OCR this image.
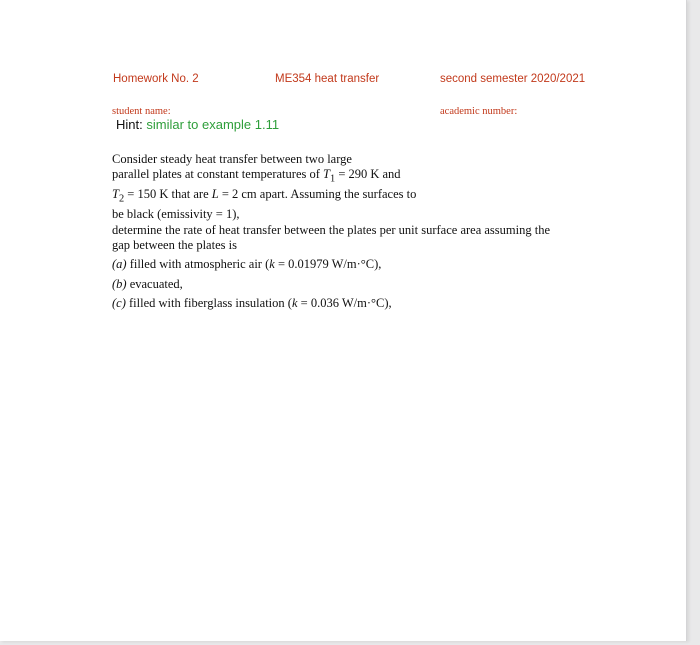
Homework No. 2	ME354 heat transfer	second semester 2020/2021
student name:	academic number:
Hint: similar to example 1.11
Consider steady heat transfer between two large
parallel plates at constant temperatures of $T_1 = 290$ K and
$T_2 = 150$ K that are L = 2 cm apart. Assuming the surfaces to
be black (emissivity = 1),
determine the rate of heat transfer between the plates per unit surface area assuming the
gap between the plates is
(a) filled with atmospheric air (k = 0.01979 W/m·°C),
(b) evacuated,
(c) filled with fiberglass insulation (k = 0.036 W/m·°C),
